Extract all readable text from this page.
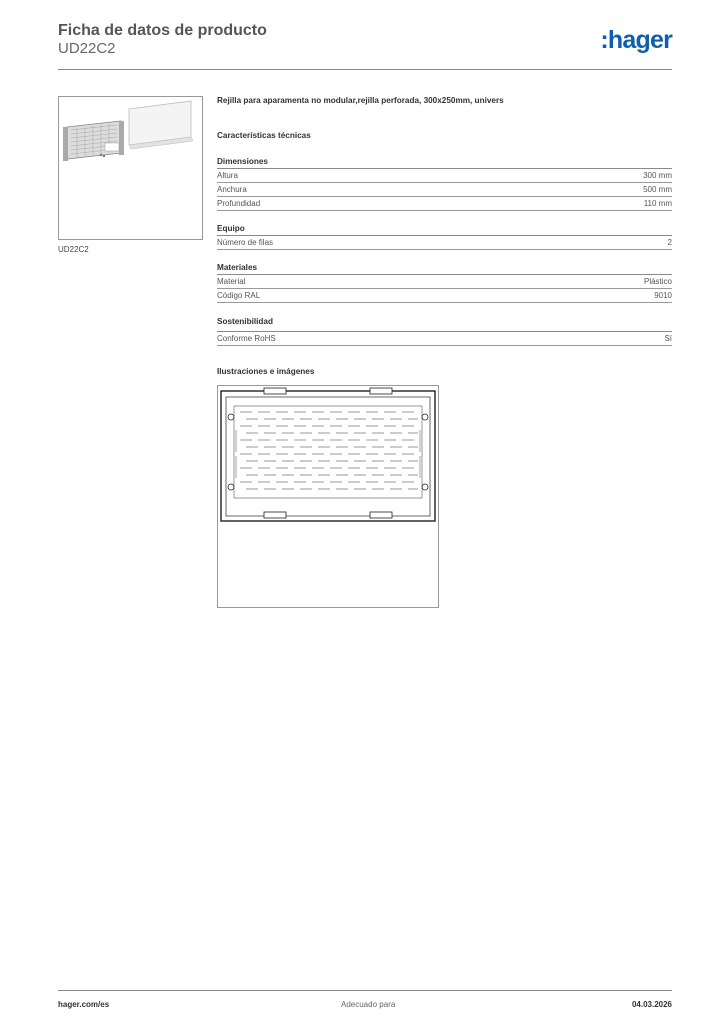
Ficha de datos de producto
UD22C2	:hager
UD22C2
Rejilla para aparamenta no modular,rejilla perforada, 300x250mm, univers
Características técnicas
Dimensiones
Altura	300 mm
Anchura	500 mm
Profundidad	110 mm
Equipo
Número de filas	2
Materiales
Material	Plástico
Código RAL	9010
Sostenibilidad
Conforme RoHS	Sí
Ilustraciones e imágenes
hager.com/es	Adecuado para	04.03.2026
